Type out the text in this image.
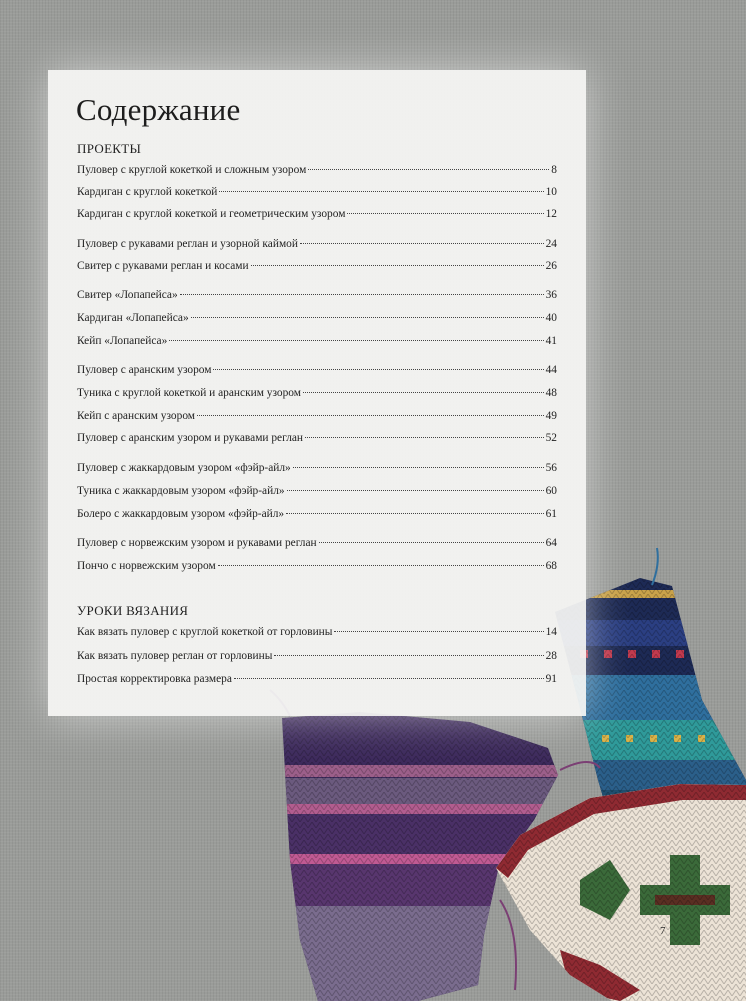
Содержание
ПРОЕКТЫ
Пуловер с круглой кокеткой и сложным узором	8
Кардиган с круглой кокеткой	10
Кардиган с круглой кокеткой и геометрическим узором	12
Пуловер с рукавами реглан и узорной каймой	24
Свитер с рукавами реглан и косами	26
Свитер «Лопапейса»	36
Кардиган «Лопапейса»	40
Кейп «Лопапейса»	41
Пуловер с аранским узором	44
Туника с круглой кокеткой и аранским узором	48
Кейп с аранским узором	49
Пуловер с аранским узором и рукавами реглан	52
Пуловер с жаккардовым узором «фэйр-айл»	56
Туника с жаккардовым узором «фэйр-айл»	60
Болеро с жаккардовым узором «фэйр-айл»	61
Пуловер с норвежским узором и рукавами реглан	64
Пончо с норвежским узором	68
УРОКИ ВЯЗАНИЯ
Как вязать пуловер с круглой кокеткой от горловины	14
Как вязать пуловер реглан от горловины	28
Простая корректировка размера	91
7
